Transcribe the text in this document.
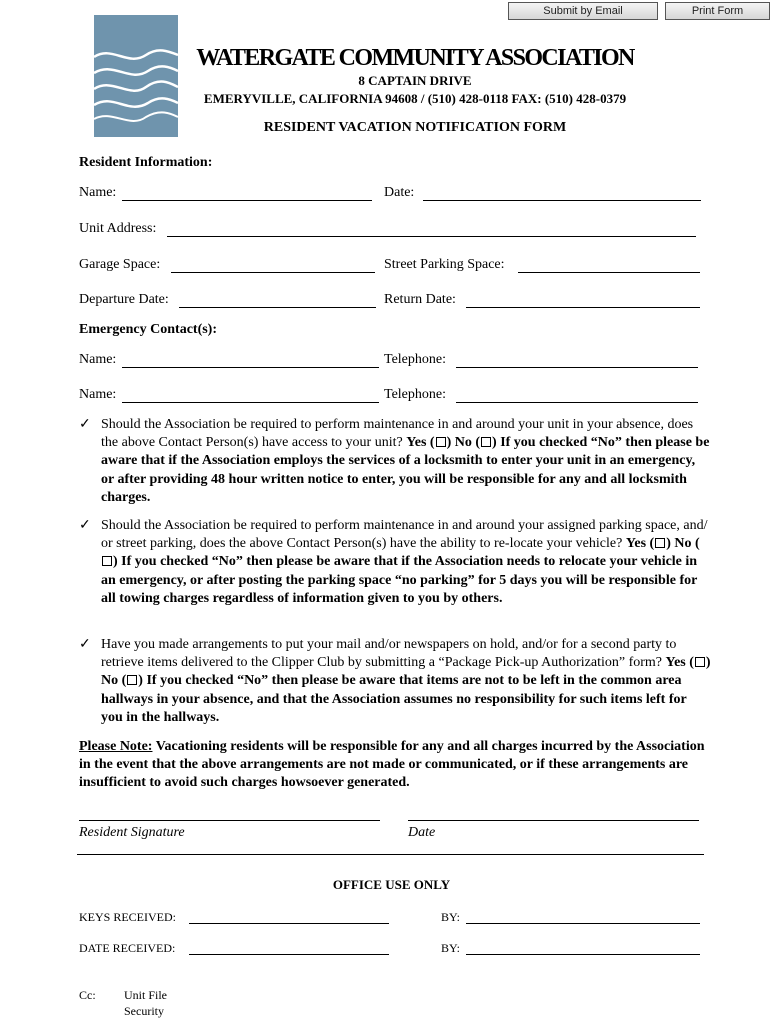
Submit by Email	Print Form
WATERGATE COMMUNITY ASSOCIATION
8 CAPTAIN DRIVE
EMERYVILLE, CALIFORNIA 94608 / (510) 428-0118 FAX: (510) 428-0379
RESIDENT VACATION NOTIFICATION FORM
Resident Information:
Name:	Date:
Unit Address:
Garage Space:	Street Parking Space:
Departure Date:	Return Date:
Emergency Contact(s):
Name:	Telephone:
Name:	Telephone:
✓ Should the Association be required to perform maintenance in and around your unit in your absence, does the above Contact Person(s) have access to your unit? Yes ( ) No ( ) If you checked “No” then please be aware that if the Association employs the services of a locksmith to enter your unit in an emergency, or after providing 48 hour written notice to enter, you will be responsible for any and all locksmith charges.
✓ Should the Association be required to perform maintenance in and around your assigned parking space, and/ or street parking, does the above Contact Person(s) have the ability to re-locate your vehicle? Yes ( ) No () If you checked “No” then please be aware that if the Association needs to relocate your vehicle in an emergency, or after posting the parking space “no parking” for 5 days you will be responsible for all towing charges regardless of information given to you by others.
✓ Have you made arrangements to put your mail and/or newspapers on hold, and/or for a second party to retrieve items delivered to the Clipper Club by submitting a “Package Pick-up Authorization” form? Yes ( ) No ( ) If you checked “No” then please be aware that items are not to be left in the common area hallways in your absence, and that the Association assumes no responsibility for such items left for you in the hallways.
Please Note: Vacationing residents will be responsible for any and all charges incurred by the Association in the event that the above arrangements are not made or communicated, or if these arrangements are insufficient to avoid such charges howsoever generated.
Resident Signature	Date
OFFICE USE ONLY
KEYS RECEIVED:	BY:
DATE RECEIVED:	BY:
Cc: Unit File
Security
